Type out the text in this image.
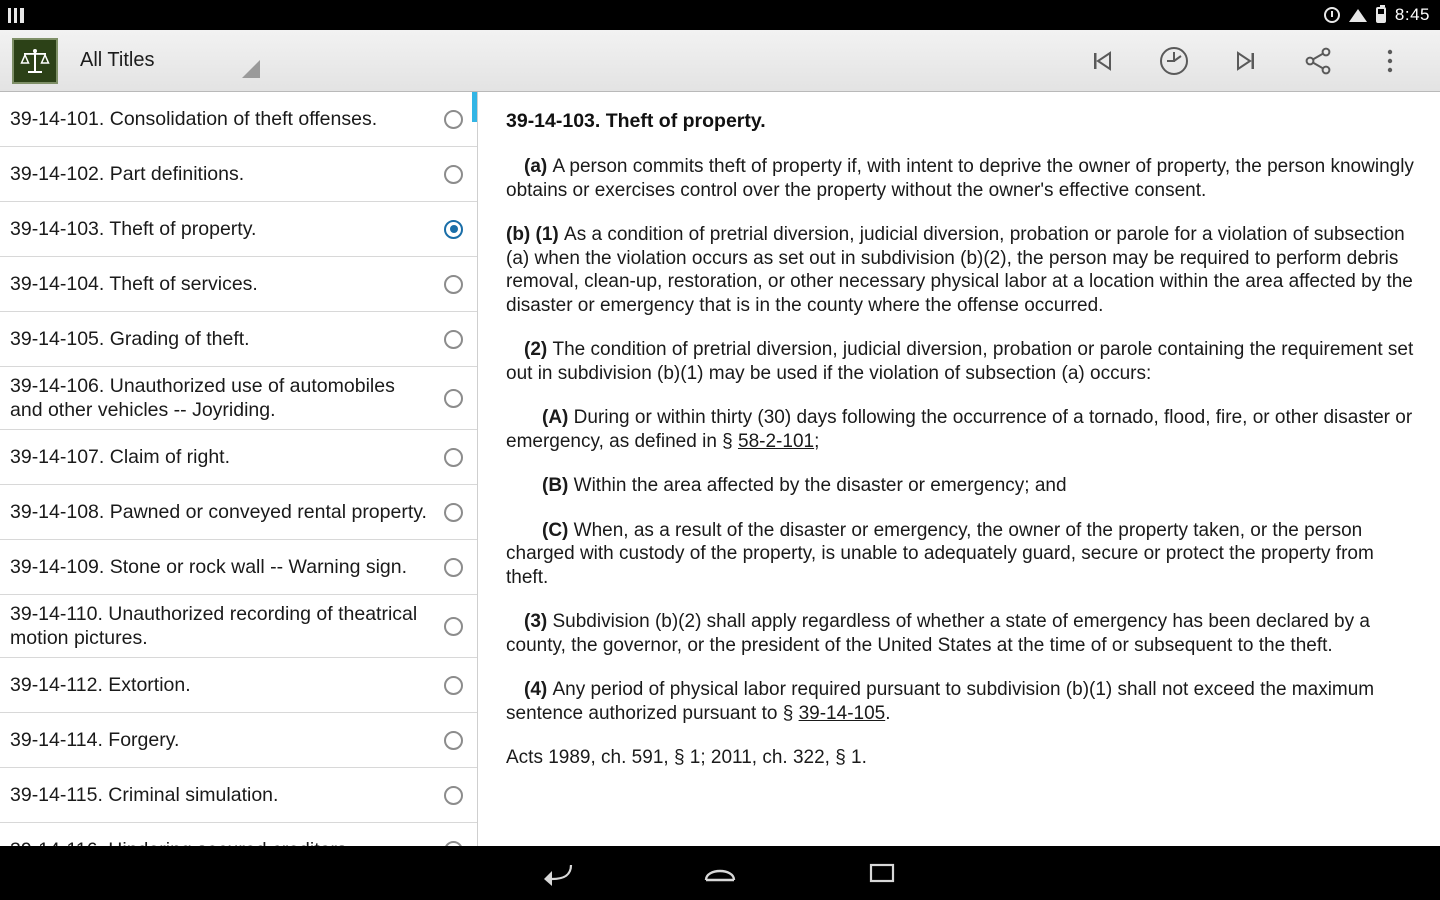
8:45
All Titles
39-14-101. Consolidation of theft offenses.
39-14-102. Part definitions.
39-14-103. Theft of property.
39-14-104. Theft of services.
39-14-105. Grading of theft.
39-14-106. Unauthorized use of automobiles and other vehicles -- Joyriding.
39-14-107. Claim of right.
39-14-108. Pawned or conveyed rental property.
39-14-109. Stone or rock wall -- Warning sign.
39-14-110. Unauthorized recording of theatrical motion pictures.
39-14-112. Extortion.
39-14-114. Forgery.
39-14-115. Criminal simulation.
39-14-103. Theft of property.

(a) A person commits theft of property if, with intent to deprive the owner of property, the person knowingly obtains or exercises control over the property without the owner's effective consent.

(b) (1) As a condition of pretrial diversion, judicial diversion, probation or parole for a violation of subsection (a) when the violation occurs as set out in subdivision (b)(2), the person may be required to perform debris removal, clean-up, restoration, or other necessary physical labor at a location within the area affected by the disaster or emergency that is in the county where the offense occurred.

(2) The condition of pretrial diversion, judicial diversion, probation or parole containing the requirement set out in subdivision (b)(1) may be used if the violation of subsection (a) occurs:

(A) During or within thirty (30) days following the occurrence of a tornado, flood, fire, or other disaster or emergency, as defined in § 58-2-101;

(B) Within the area affected by the disaster or emergency; and

(C) When, as a result of the disaster or emergency, the owner of the property taken, or the person charged with custody of the property, is unable to adequately guard, secure or protect the property from theft.

(3) Subdivision (b)(2) shall apply regardless of whether a state of emergency has been declared by a county, the governor, or the president of the United States at the time of or subsequent to the theft.

(4) Any period of physical labor required pursuant to subdivision (b)(1) shall not exceed the maximum sentence authorized pursuant to § 39-14-105.

Acts 1989, ch. 591, § 1; 2011, ch. 322, § 1.
